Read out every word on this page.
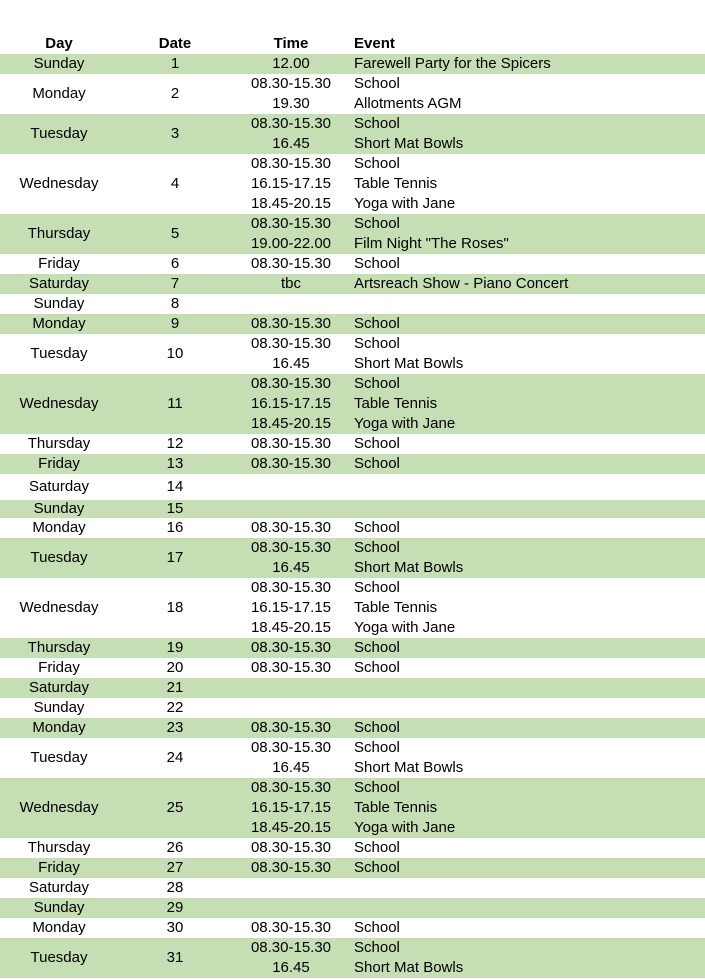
Day	Date	Time	Event
Sunday	1	12.00	Farewell Party for the Spicers
Monday	2
08.30-15.30	School
19.30	Allotments AGM
Tuesday	3
08.30-15.30	School
16.45	Short Mat Bowls
Wednesday	4
08.30-15.30	School
16.15-17.15	Table Tennis
18.45-20.15	Yoga with Jane
Thursday	5
08.30-15.30	School
19.00-22.00	Film Night "The Roses"
Friday	6	08.30-15.30	School
Saturday	7	tbc	Artsreach Show - Piano Concert
Sunday	8
Monday	9	08.30-15.30	School
Tuesday	10
08.30-15.30	School
16.45	Short Mat Bowls
Wednesday	11
08.30-15.30	School
16.15-17.15	Table Tennis
18.45-20.15	Yoga with Jane
Thursday	12	08.30-15.30	School
Friday	13	08.30-15.30	School
Saturday	14
Sunday	15
Monday	16	08.30-15.30	School
Tuesday	17
08.30-15.30	School
16.45	Short Mat Bowls
Wednesday	18
08.30-15.30	School
16.15-17.15	Table Tennis
18.45-20.15	Yoga with Jane
Thursday	19	08.30-15.30	School
Friday	20	08.30-15.30	School
Saturday	21
Sunday	22
Monday	23	08.30-15.30	School
Tuesday	24
08.30-15.30	School
16.45	Short Mat Bowls
Wednesday	25
08.30-15.30	School
16.15-17.15	Table Tennis
18.45-20.15	Yoga with Jane
Thursday	26	08.30-15.30	School
Friday	27	08.30-15.30	School
Saturday	28
Sunday	29
Monday	30	08.30-15.30	School
Tuesday	31
08.30-15.30	School
16.45	Short Mat Bowls
